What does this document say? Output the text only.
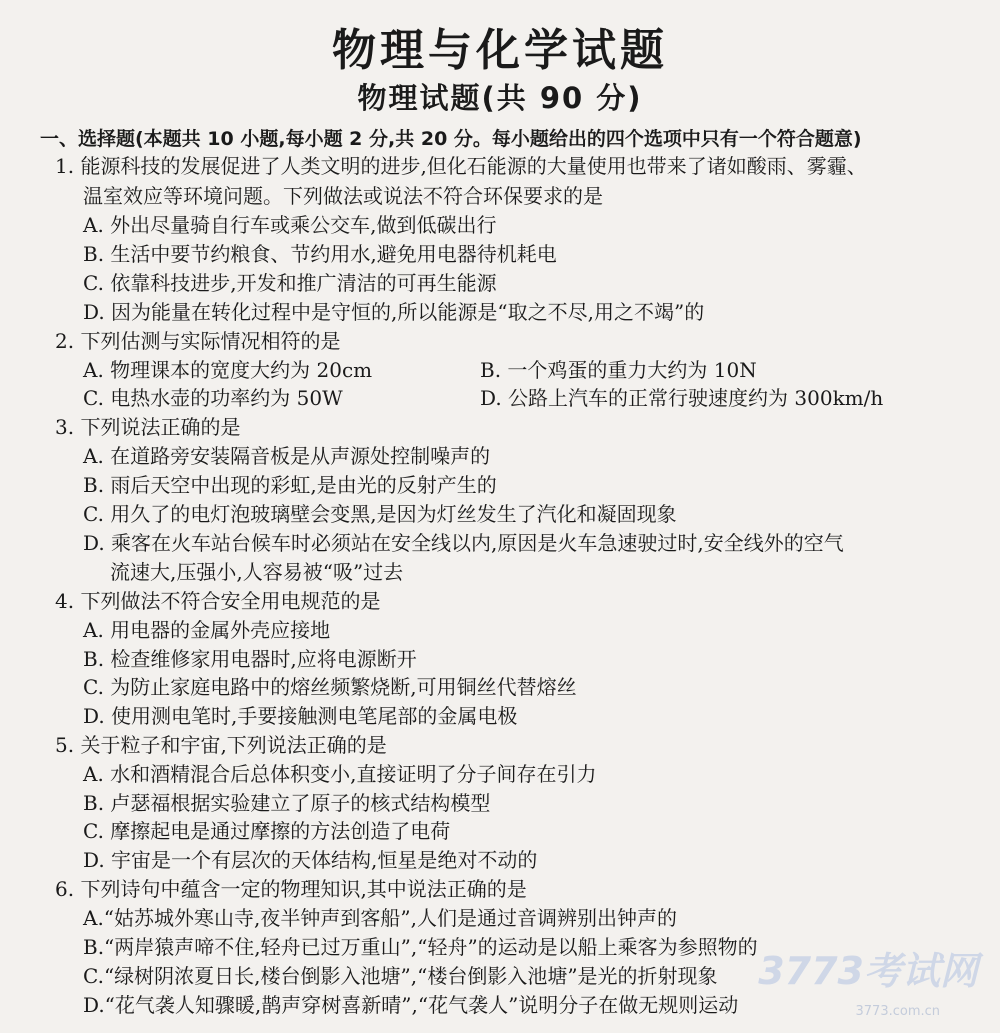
物理与化学试题
物理试题(共 90 分)
一、选择题(本题共 10 小题,每小题 2 分,共 20 分。每小题给出的四个选项中只有一个符合题意)
1. 能源科技的发展促进了人类文明的进步,但化石能源的大量使用也带来了诸如酸雨、雾霾、
温室效应等环境问题。下列做法或说法不符合环保要求的是
A. 外出尽量骑自行车或乘公交车,做到低碳出行
B. 生活中要节约粮食、节约用水,避免用电器待机耗电
C. 依靠科技进步,开发和推广清洁的可再生能源
D. 因为能量在转化过程中是守恒的,所以能源是“取之不尽,用之不竭”的
2. 下列估测与实际情况相符的是
A. 物理课本的宽度大约为 20cm	B. 一个鸡蛋的重力大约为 10N
C. 电热水壶的功率约为 50W	D. 公路上汽车的正常行驶速度约为 300km/h
3. 下列说法正确的是
A. 在道路旁安装隔音板是从声源处控制噪声的
B. 雨后天空中出现的彩虹,是由光的反射产生的
C. 用久了的电灯泡玻璃壁会变黑,是因为灯丝发生了汽化和凝固现象
D. 乘客在火车站台候车时必须站在安全线以内,原因是火车急速驶过时,安全线外的空气
流速大,压强小,人容易被“吸”过去
4. 下列做法不符合安全用电规范的是
A. 用电器的金属外壳应接地
B. 检查维修家用电器时,应将电源断开
C. 为防止家庭电路中的熔丝频繁烧断,可用铜丝代替熔丝
D. 使用测电笔时,手要接触测电笔尾部的金属电极
5. 关于粒子和宇宙,下列说法正确的是
A. 水和酒精混合后总体积变小,直接证明了分子间存在引力
B. 卢瑟福根据实验建立了原子的核式结构模型
C. 摩擦起电是通过摩擦的方法创造了电荷
D. 宇宙是一个有层次的天体结构,恒星是绝对不动的
6. 下列诗句中蕴含一定的物理知识,其中说法正确的是
A.“姑苏城外寒山寺,夜半钟声到客船”,人们是通过音调辨别出钟声的
B.“两岸猿声啼不住,轻舟已过万重山”,“轻舟”的运动是以船上乘客为参照物的
C.“绿树阴浓夏日长,楼台倒影入池塘”,“楼台倒影入池塘”是光的折射现象
D.“花气袭人知骤暖,鹊声穿树喜新晴”,“花气袭人”说明分子在做无规则运动
3773考试网
3773.com.cn
